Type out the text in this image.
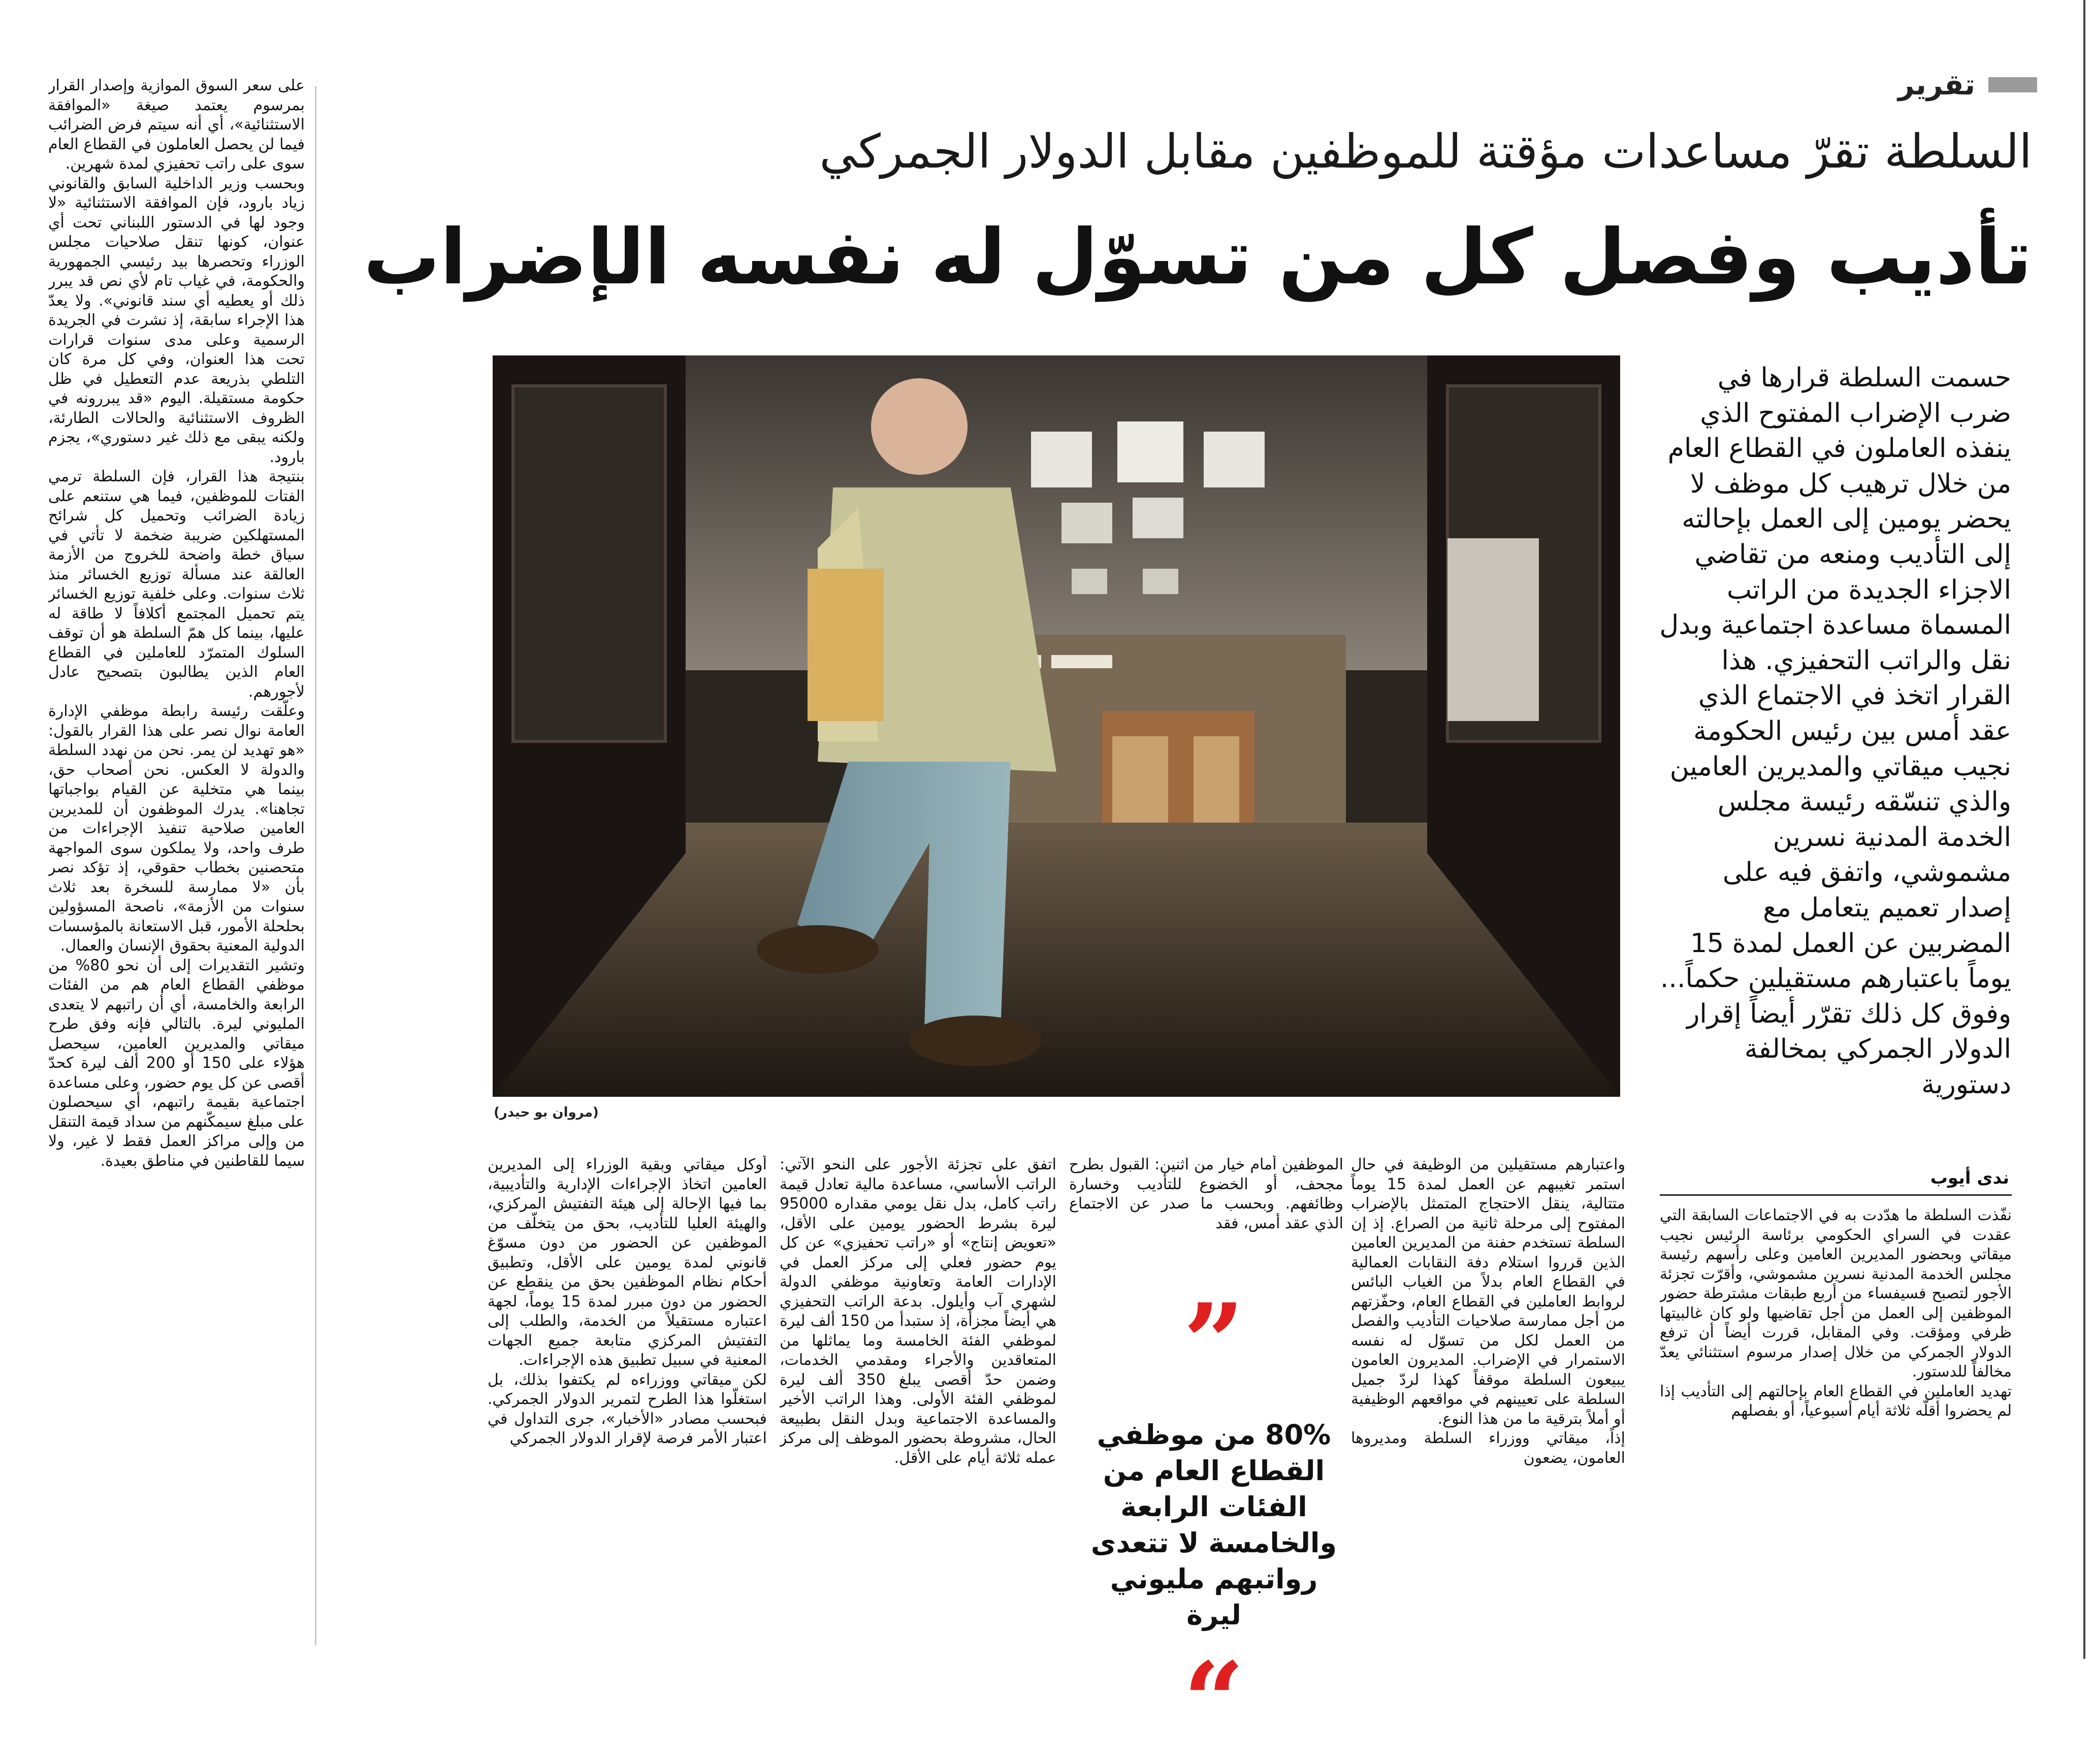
تقرير
السلطة تقرّ مساعدات مؤقتة للموظفين مقابل الدولار الجمركي
تأديب وفصل كل من تسوّل له نفسه الإضراب
(مروان بو حيدر)
حسمت السلطة قرارها في ضرب الإضراب المفتوح الذي ينفذه العاملون في القطاع العام من خلال ترهيب كل موظف لا يحضر يومين إلى العمل بإحالته إلى التأديب ومنعه من تقاضي الاجزاء الجديدة من الراتب المسماة مساعدة اجتماعية وبدل نقل والراتب التحفيزي. هذا القرار اتخذ في الاجتماع الذي عقد أمس بين رئيس الحكومة نجيب ميقاتي والمديرين العامين والذي تنسّقه رئيسة مجلس الخدمة المدنية نسرين مشموشي، واتفق فيه على إصدار تعميم يتعامل مع المضربين عن العمل لمدة 15 يوماً باعتبارهم مستقيلين حكماً... وفوق كل ذلك تقرّر أيضاً إقرار الدولار الجمركي بمخالفة دستورية

على سعر السوق الموازية وإصدار القرار بمرسوم يعتمد صيغة «الموافقة الاستثنائية»، أي أنه سيتم فرض الضرائب فيما لن يحصل العاملون في القطاع العام سوى على راتب تحفيزي لمدة شهرين.

وبحسب وزير الداخلية السابق والقانوني زياد بارود، فإن الموافقة الاستثنائية «لا وجود لها في الدستور اللبناني تحت أي عنوان، كونها تنقل صلاحيات مجلس الوزراء وتحصرها بيد رئيسي الجمهورية والحكومة، في غياب تام لأي نص قد يبرر ذلك أو يعطيه أي سند قانوني». ولا يعدّ هذا الإجراء سابقة، إذ نشرت في الجريدة الرسمية وعلى مدى سنوات قرارات تحت هذا العنوان، وفي كل مرة كان التلطي بذريعة عدم التعطيل في ظل حكومة مستقيلة. اليوم «قد يبررونه في الظروف الاستثنائية والحالات الطارئة، ولكنه يبقى مع ذلك غير دستوري»، يجزم بارود.

بنتيجة هذا القرار، فإن السلطة ترمي الفتات للموظفين، فيما هي ستنعم على زيادة الضرائب وتحميل كل شرائح المستهلكين ضريبة ضخمة لا تأتي في سياق خطة واضحة للخروج من الأزمة العالقة عند مسألة توزيع الخسائر منذ ثلاث سنوات. وعلى خلفية توزيع الخسائر يتم تحميل المجتمع أكلافاً لا طاقة له عليها، بينما كل همّ السلطة هو أن توقف السلوك المتمرّد للعاملين في القطاع العام الذين يطالبون بتصحيح عادل لأجورهم.

وعلّقت رئيسة رابطة موظفي الإدارة العامة نوال نصر على هذا القرار بالقول: «هو تهديد لن يمر. نحن من نهدد السلطة والدولة لا العكس. نحن أصحاب حق، بينما هي متخلية عن القيام بواجباتها تجاهنا». يدرك الموظفون أن للمديرين العامين صلاحية تنفيذ الإجراءات من طرف واحد، ولا يملكون سوى المواجهة متحصنين بخطاب حقوقي، إذ تؤكد نصر بأن «لا ممارسة للسخرة بعد ثلاث سنوات من الأزمة»، ناصحة المسؤولين بحلحلة الأمور، قبل الاستعانة بالمؤسسات الدولية المعنية بحقوق الإنسان والعمال.

وتشير التقديرات إلى أن نحو 80% من موظفي القطاع العام هم من الفئات الرابعة والخامسة، أي أن راتبهم لا يتعدى المليوني ليرة. بالتالي فإنه وفق طرح ميقاتي والمديرين العامين، سيحصل هؤلاء على 150 أو 200 ألف ليرة كحدّ أقصى عن كل يوم حضور، وعلى مساعدة اجتماعية بقيمة راتبهم، أي سيحصلون على مبلغ سيمكّنهم من سداد قيمة التنقل من وإلى مراكز العمل فقط لا غير، ولا سيما للقاطنين في مناطق بعيدة.

ندى أيوب

نفّذت السلطة ما هدّدت به في الاجتماعات السابقة التي عقدت في السراي الحكومي برئاسة الرئيس نجيب ميقاتي وبحضور المديرين العامين وعلى رأسهم رئيسة مجلس الخدمة المدنية نسرين مشموشي، وأقرّت تجزئة الأجور لتصبح فسيفساء من أربع طبقات مشترطة حضور الموظفين إلى العمل من أجل تقاضيها ولو كان غالبيتها ظرفي ومؤقت. وفي المقابل، قررت أيضاً أن ترفع الدولار الجمركي من خلال إصدار مرسوم استثنائي يعدّ مخالفاً للدستور.

تهديد العاملين في القطاع العام بإحالتهم إلى التأديب إذا لم يحضروا أقلّه ثلاثة أيام أسبوعياً، أو بفصلهم

واعتبارهم مستقيلين من الوظيفة في حال استمر تغيبهم عن العمل لمدة 15 يوماً متتالية، ينقل الاحتجاج المتمثل بالإضراب المفتوح إلى مرحلة ثانية من الصراع. إذ إن السلطة تستخدم حفنة من المديرين العامين الذين قرروا استلام دفة النقابات العمالية في القطاع العام بدلاً من الغياب البائس لروابط العاملين في القطاع العام، وحفّزتهم من أجل ممارسة صلاحيات التأديب والفصل من العمل لكل من تسوّل له نفسه الاستمرار في الإضراب. المديرون العامون يبيعون السلطة موقفاً كهذا لردّ جميل السلطة على تعيينهم في مواقعهم الوظيفية أو أملاً بترقية ما من هذا النوع.

إذاً، ميقاتي ووزراء السلطة ومديروها العامون، يضعون

الموظفين أمام خيار من اثنين: القبول بطرح مجحف، أو الخضوع للتأديب وخسارة وظائفهم. وبحسب ما صدر عن الاجتماع الذي عقد أمس، فقد

”
80% من موظفي القطاع العام من الفئات الرابعة والخامسة لا تتعدى رواتبهم مليوني ليرة
“

اتفق على تجزئة الأجور على النحو الآتي: الراتب الأساسي، مساعدة مالية تعادل قيمة راتب كامل، بدل نقل يومي مقداره 95000 ليرة بشرط الحضور يومين على الأقل، «تعويض إنتاج» أو «راتب تحفيزي» عن كل يوم حضور فعلي إلى مركز العمل في الإدارات العامة وتعاونية موظفي الدولة لشهري آب وأيلول. بدعة الراتب التحفيزي هي أيضاً مجزأة، إذ ستبدأ من 150 ألف ليرة لموظفي الفئة الخامسة وما يماثلها من المتعاقدين والأجراء ومقدمي الخدمات، وضمن حدّ أقصى يبلغ 350 ألف ليرة لموظفي الفئة الأولى. وهذا الراتب الأخير والمساعدة الاجتماعية وبدل النقل بطبيعة الحال، مشروطة بحضور الموظف إلى مركز عمله ثلاثة أيام على الأقل.

أوكل ميقاتي وبقية الوزراء إلى المديرين العامين اتخاذ الإجراءات الإدارية والتأديبية، بما فيها الإحالة إلى هيئة التفتيش المركزي، والهيئة العليا للتأديب، بحق من يتخلّف من الموظفين عن الحضور من دون مسوّغ قانوني لمدة يومين على الأقل، وتطبيق أحكام نظام الموظفين بحق من ينقطع عن الحضور من دون مبرر لمدة 15 يوماً، لجهة اعتباره مستقيلاً من الخدمة، والطلب إلى التفتيش المركزي متابعة جميع الجهات المعنية في سبيل تطبيق هذه الإجراءات.

لكن ميقاتي ووزراءه لم يكتفوا بذلك، بل استغلّوا هذا الطرح لتمرير الدولار الجمركي. فبحسب مصادر «الأخبار»، جرى التداول في اعتبار الأمر فرصة لإقرار الدولار الجمركي
